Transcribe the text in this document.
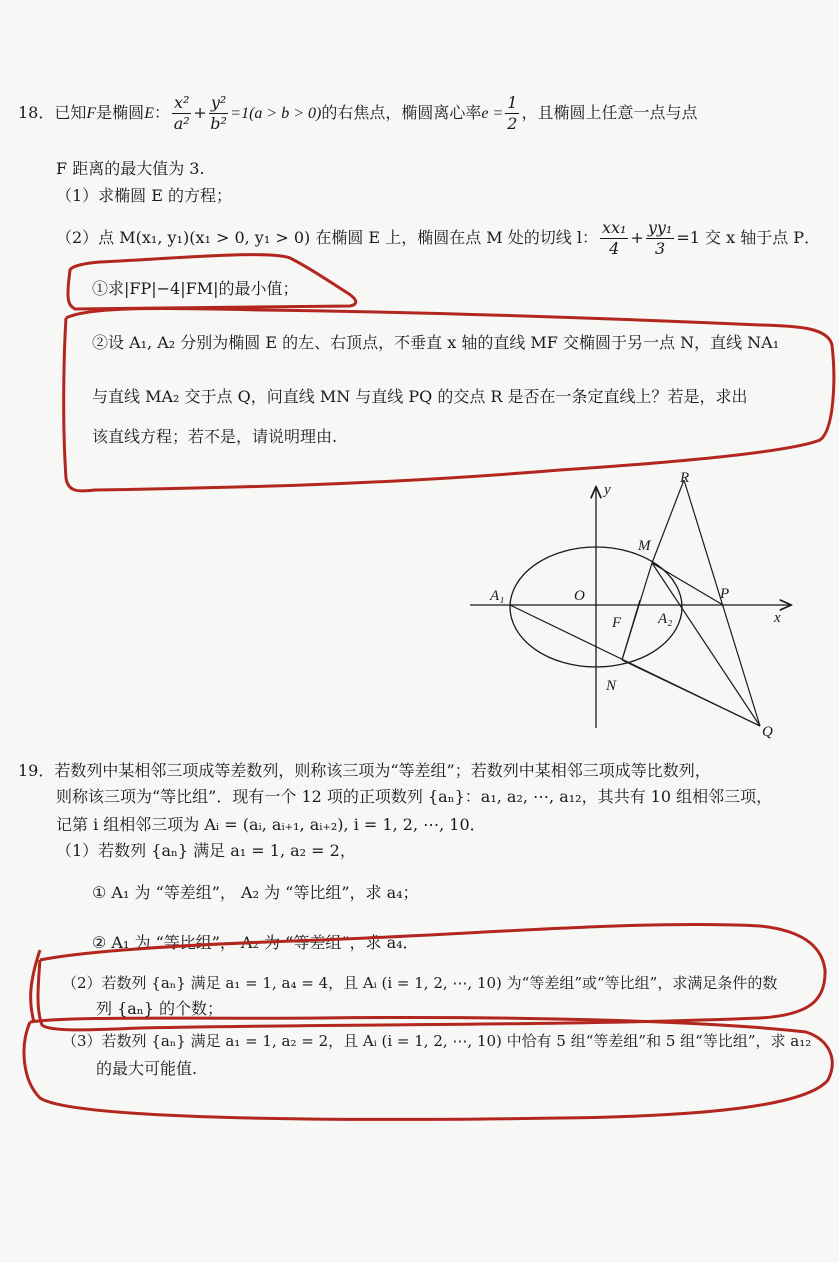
18．已知F是椭圆E： $\frac{\text{x²}}{\text{a²}} + \frac{\text{y²}}{\text{b²}} =1(a > b > 0)$的右焦点，椭圆离心率$e = \frac{1}{2}$ ，且椭圆上任意一点与点
F 距离的最大值为 3.
（1）求椭圆 E 的方程；
（2）点 M(x₁, y₁)(x₁ > 0, y₁ > 0) 在椭圆 E 上，椭圆在点 M 处的切线 l： $\frac{\text{xx₁}}{4} + \frac{\text{yy₁}}{3} =1$ 交 x 轴于点 P．
①求|FP|−4|FM|的最小值；
②设 A₁, A₂ 分别为椭圆 E 的左、右顶点，不垂直 x 轴的直线 MF 交椭圆于另一点 N，直线 NA₁
与直线 MA₂ 交于点 Q，问直线 MN 与直线 PQ 的交点 R 是否在一条定直线上？若是，求出
该直线方程；若不是，请说明理由.
y
x
O
A₁
A₂
F
M
N
P
R
Q
19．若数列中某相邻三项成等差数列，则称该三项为“等差组”；若数列中某相邻三项成等比数列，
则称该三项为“等比组”．现有一个 12 项的正项数列 {aₙ}：a₁, a₂, ⋯, a₁₂，其共有 10 组相邻三项，
记第 i 组相邻三项为 Aᵢ = (aᵢ, aᵢ₊₁, aᵢ₊₂), i = 1, 2, ⋯, 10．
（1）若数列 {aₙ} 满足 a₁ = 1, a₂ = 2，
① A₁ 为 “等差组”， A₂ 为 “等比组”，求 a₄；
② A₁ 为 “等比组”， A₂ 为 “等差组”，求 a₄．
（2）若数列 {aₙ} 满足 a₁ = 1, a₄ = 4，且 Aᵢ (i = 1, 2, ⋯, 10) 为“等差组”或“等比组”，求满足条件的数
列 {aₙ} 的个数；
（3）若数列 {aₙ} 满足 a₁ = 1, a₂ = 2，且 Aᵢ (i = 1, 2, ⋯, 10) 中恰有 5 组“等差组”和 5 组“等比组”，求 a₁₂
的最大可能值.
